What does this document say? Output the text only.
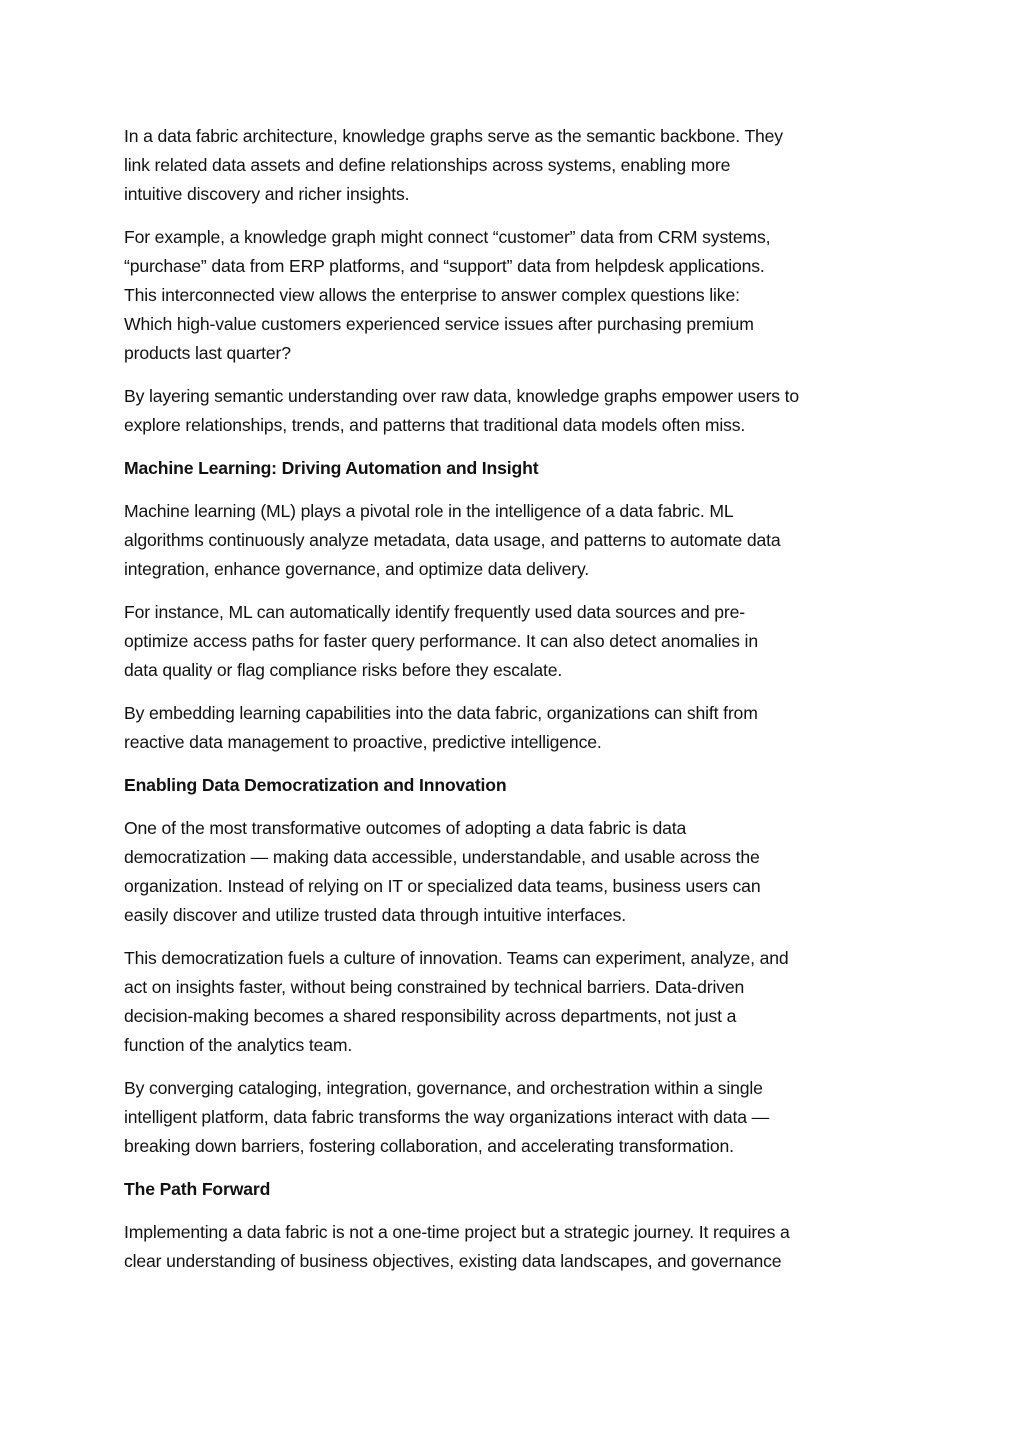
In a data fabric architecture, knowledge graphs serve as the semantic backbone. They
link related data assets and define relationships across systems, enabling more
intuitive discovery and richer insights.
For example, a knowledge graph might connect “customer” data from CRM systems,
“purchase” data from ERP platforms, and “support” data from helpdesk applications.
This interconnected view allows the enterprise to answer complex questions like:
Which high-value customers experienced service issues after purchasing premium
products last quarter?
By layering semantic understanding over raw data, knowledge graphs empower users to
explore relationships, trends, and patterns that traditional data models often miss.
Machine Learning: Driving Automation and Insight
Machine learning (ML) plays a pivotal role in the intelligence of a data fabric. ML
algorithms continuously analyze metadata, data usage, and patterns to automate data
integration, enhance governance, and optimize data delivery.
For instance, ML can automatically identify frequently used data sources and pre-
optimize access paths for faster query performance. It can also detect anomalies in
data quality or flag compliance risks before they escalate.
By embedding learning capabilities into the data fabric, organizations can shift from
reactive data management to proactive, predictive intelligence.
Enabling Data Democratization and Innovation
One of the most transformative outcomes of adopting a data fabric is data
democratization — making data accessible, understandable, and usable across the
organization. Instead of relying on IT or specialized data teams, business users can
easily discover and utilize trusted data through intuitive interfaces.
This democratization fuels a culture of innovation. Teams can experiment, analyze, and
act on insights faster, without being constrained by technical barriers. Data-driven
decision-making becomes a shared responsibility across departments, not just a
function of the analytics team.
By converging cataloging, integration, governance, and orchestration within a single
intelligent platform, data fabric transforms the way organizations interact with data —
breaking down barriers, fostering collaboration, and accelerating transformation.
The Path Forward
Implementing a data fabric is not a one-time project but a strategic journey. It requires a
clear understanding of business objectives, existing data landscapes, and governance
